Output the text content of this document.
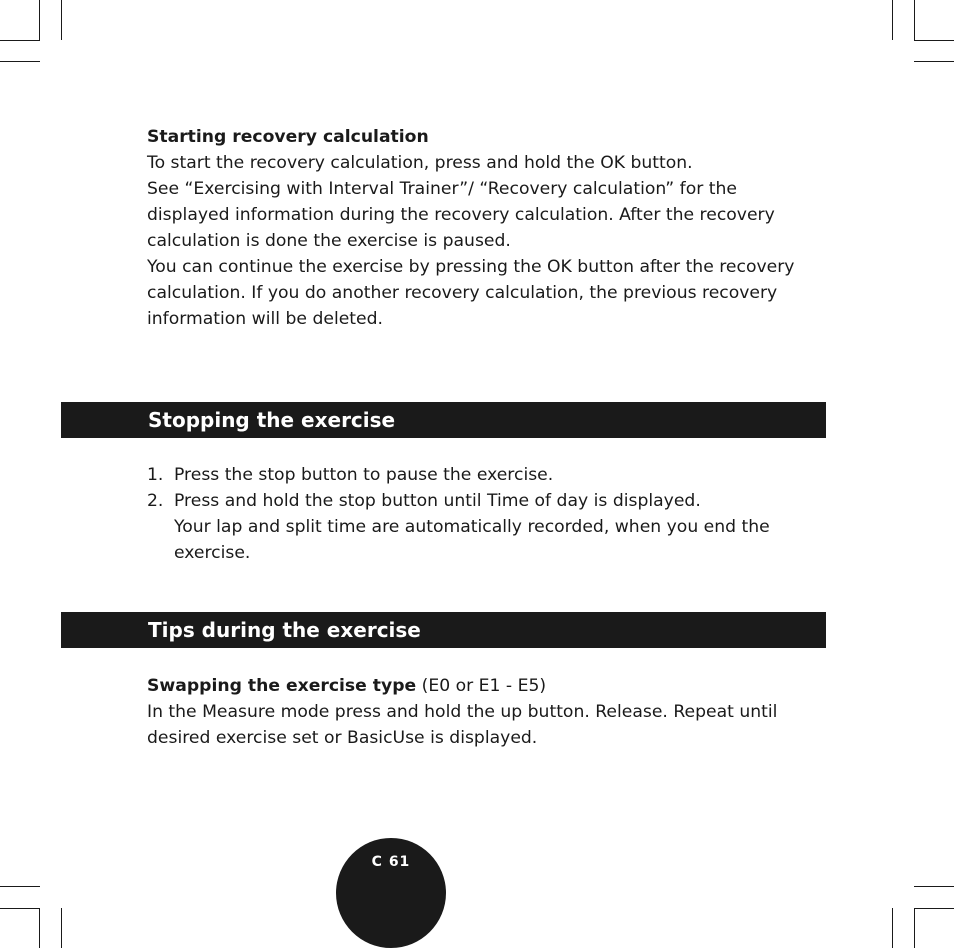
Starting recovery calculation

To start the recovery calculation, press and hold the OK button.

See “Exercising with Interval Trainer”/ “Recovery calculation” for the

displayed information during the recovery calculation. After the recovery

calculation is done the exercise is paused.

You can continue the exercise by pressing the OK button after the recovery

calculation. If you do another recovery calculation, the previous recovery

information will be deleted.

Stopping the exercise
1. Press the stop button to pause the exercise.
2. Press and hold the stop button until Time of day is displayed.
Your lap and split time are automatically recorded, when you end the
exercise.
Tips during the exercise

Swapping the exercise type (E0 or E1 - E5)

In the Measure mode press and hold the up button. Release. Repeat until

desired exercise set or BasicUse is displayed.

C 61
